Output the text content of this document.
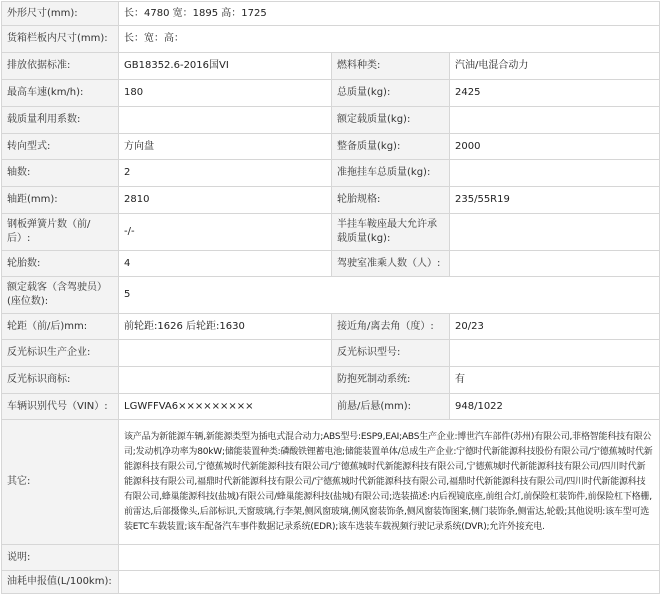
外形尺寸(mm):	长：4780 宽：1895 高：1725		
货箱栏板内尺寸(mm):	长：宽：高：		
排放依据标准:	GB18352.6-2016国VI	燃料种类:	汽油/电混合动力
最高车速(km/h):	180	总质量(kg):	2425
载质量利用系数:		额定载质量(kg):	
转向型式:	方向盘	整备质量(kg):	2000
轴数:	2	准拖挂车总质量(kg):	
轴距(mm):	2810	轮胎规格:	235/55R19
钢板弹簧片数（前/后）:	-/-	半挂车鞍座最大允许承载质量(kg):	
轮胎数:	4	驾驶室准乘人数（人）:	
额定载客（含驾驶员）(座位数):	5		
轮距（前/后)mm:	前轮距:1626 后轮距:1630	接近角/离去角（度）:	20/23
反光标识生产企业:		反光标识型号:	
反光标识商标:		防抱死制动系统:	有
车辆识别代号（VIN）:	LGWFFVA6×××××××××	前悬/后悬(mm):	948/1022
其它:	该产品为新能源车辆,新能源类型为插电式混合动力;ABS型号:ESP9,EAI;ABS生产企业:博世汽车部件(苏州)有限公司,菲格智能科技有限公司;发动机净功率为80kW;储能装置种类:磷酸铁锂蓄电池;储能装置单体/总成生产企业:宁德时代新能源科技股份有限公司/宁德蕉城时代新能源科技有限公司,宁德蕉城时代新能源科技有限公司/宁德蕉城时代新能源科技有限公司,宁德蕉城时代新能源科技有限公司/四川时代新能源科技有限公司,福鼎时代新能源科技有限公司/宁德蕉城时代新能源科技有限公司,福鼎时代新能源科技有限公司/四川时代新能源科技有限公司,蜂巢能源科技(盐城)有限公司/蜂巢能源科技(盐城)有限公司;选装描述:内后视镜底座,前组合灯,前保险杠装饰件,前保险杠下格栅,前雷达,后部摄像头,后部标识,天窗玻璃,行李架,侧风窗玻璃,侧风窗装饰条,侧风窗装饰图案,侧门装饰条,侧雷达,轮毂;其他说明:该车型可选装ETC车载装置;该车配备汽车事件数据记录系统(EDR);该车选装车载视频行驶记录系统(DVR);允许外接充电.		
说明:			
油耗申报值(L/100km):			
